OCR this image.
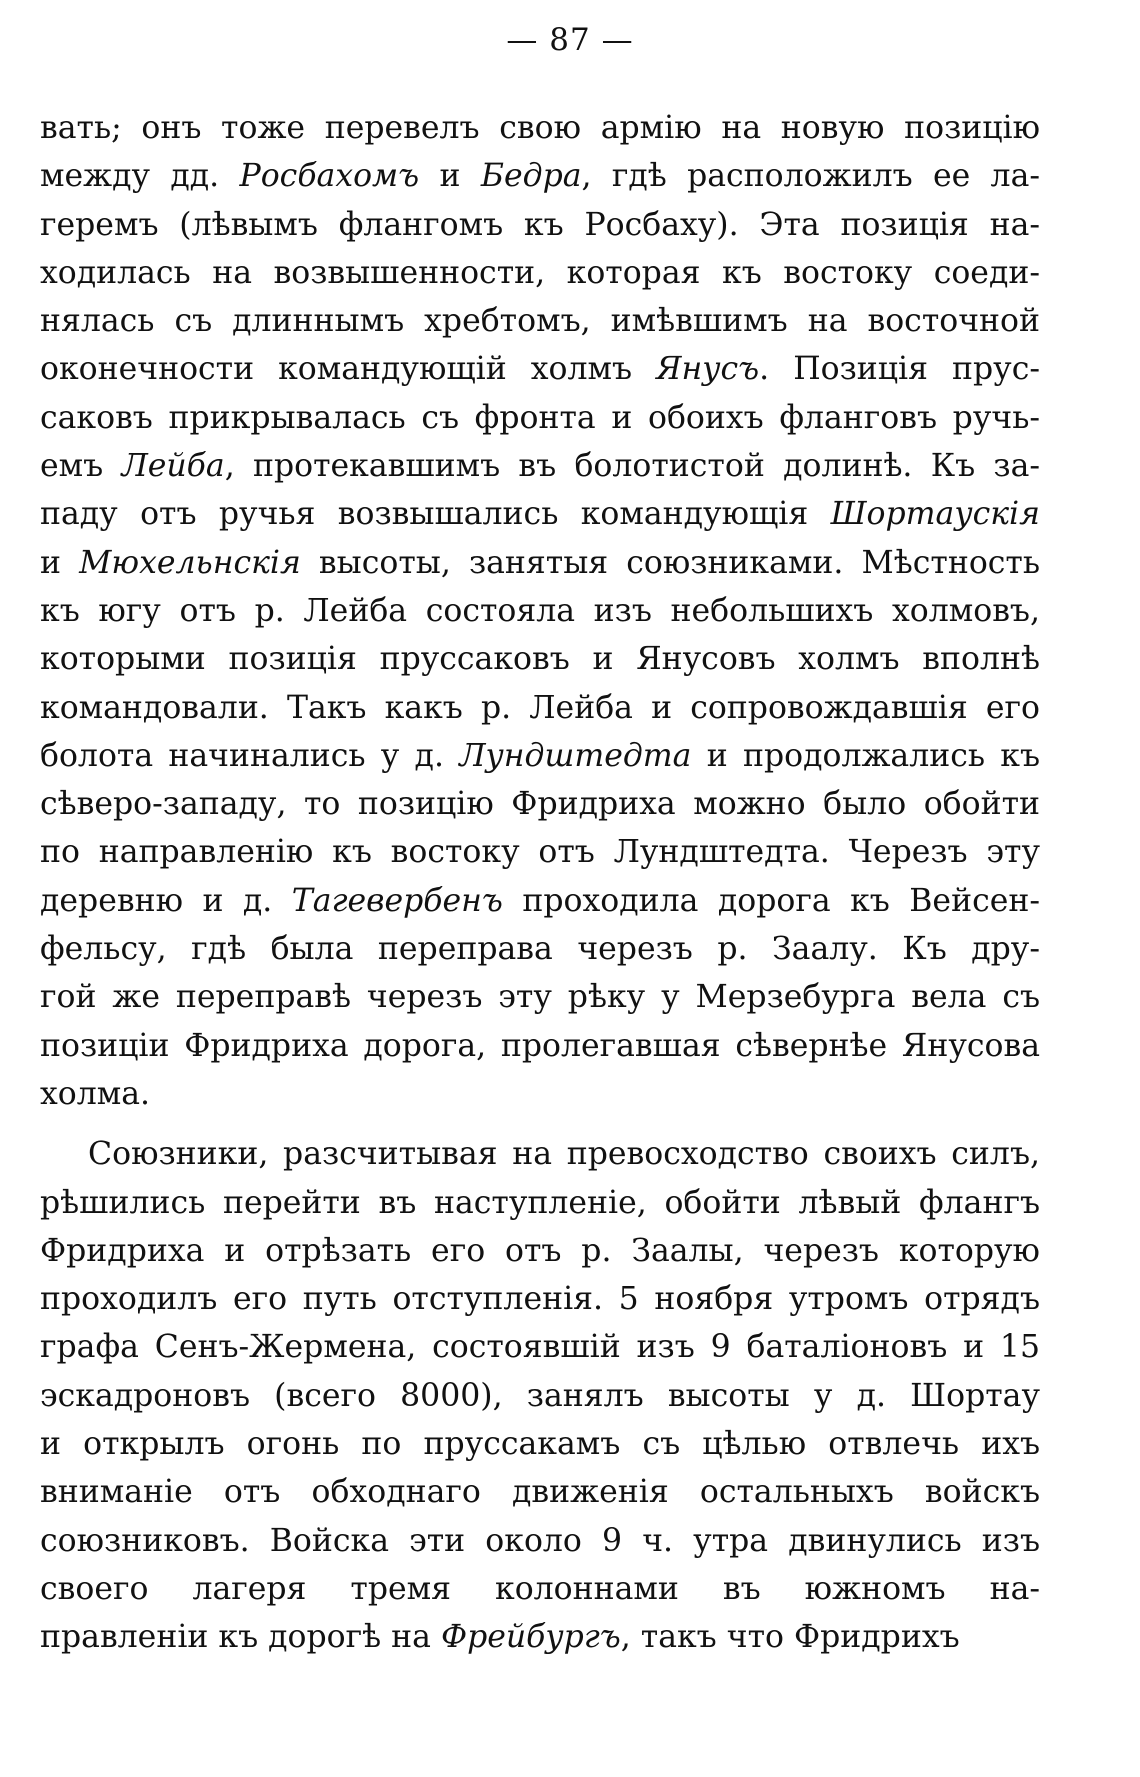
— 87 —

вать; онъ тоже перевелъ свою армію на новую позицію
между дд. Росбахомъ и Бедра, гдѣ расположилъ ее ла-
геремъ (лѣвымъ флангомъ къ Росбаху). Эта позиція на-
ходилась на возвышенности, которая къ востоку соеди-
нялась съ длиннымъ хребтомъ, имѣвшимъ на восточной
оконечности командующій холмъ Янусъ. Позиція прус-
саковъ прикрывалась съ фронта и обоихъ фланговъ ручь-
емъ Лейба, протекавшимъ въ болотистой долинѣ. Къ за-
паду отъ ручья возвышались командующія Шортаускія
и Мюхельнскія высоты, занятыя союзниками. Мѣстность
къ югу отъ р. Лейба состояла изъ небольшихъ холмовъ,
которыми позиція пруссаковъ и Янусовъ холмъ вполнѣ
командовали. Такъ какъ р. Лейба и сопровождавшія его
болота начинались у д. Лундштедта и продолжались къ
сѣверо-западу, то позицію Фридриха можно было обойти
по направленію къ востоку отъ Лундштедта. Черезъ эту
деревню и д. Тагевербенъ проходила дорога къ Вейсен-
фельсу, гдѣ была переправа черезъ р. Заалу. Къ дру-
гой же переправѣ черезъ эту рѣку у Мерзебурга вела съ
позиціи Фридриха дорога, пролегавшая сѣвернѣе Янусова
холма.

Союзники, разсчитывая на превосходство своихъ силъ,
рѣшились перейти въ наступленіе, обойти лѣвый флангъ
Фридриха и отрѣзать его отъ р. Заалы, черезъ которую
проходилъ его путь отступленія. 5 ноября утромъ отрядъ
графа Сенъ-Жермена, состоявшій изъ 9 баталіоновъ и 15
эскадроновъ (всего 8000), занялъ высоты у д. Шортау
и открылъ огонь по пруссакамъ съ цѣлью отвлечь ихъ
вниманіе отъ обходнаго движенія остальныхъ войскъ
союзниковъ. Войска эти около 9 ч. утра двинулись изъ
своего лагеря тремя колоннами въ южномъ на-
правленіи къ дорогѣ на Фрейбургъ, такъ что Фридрихъ
